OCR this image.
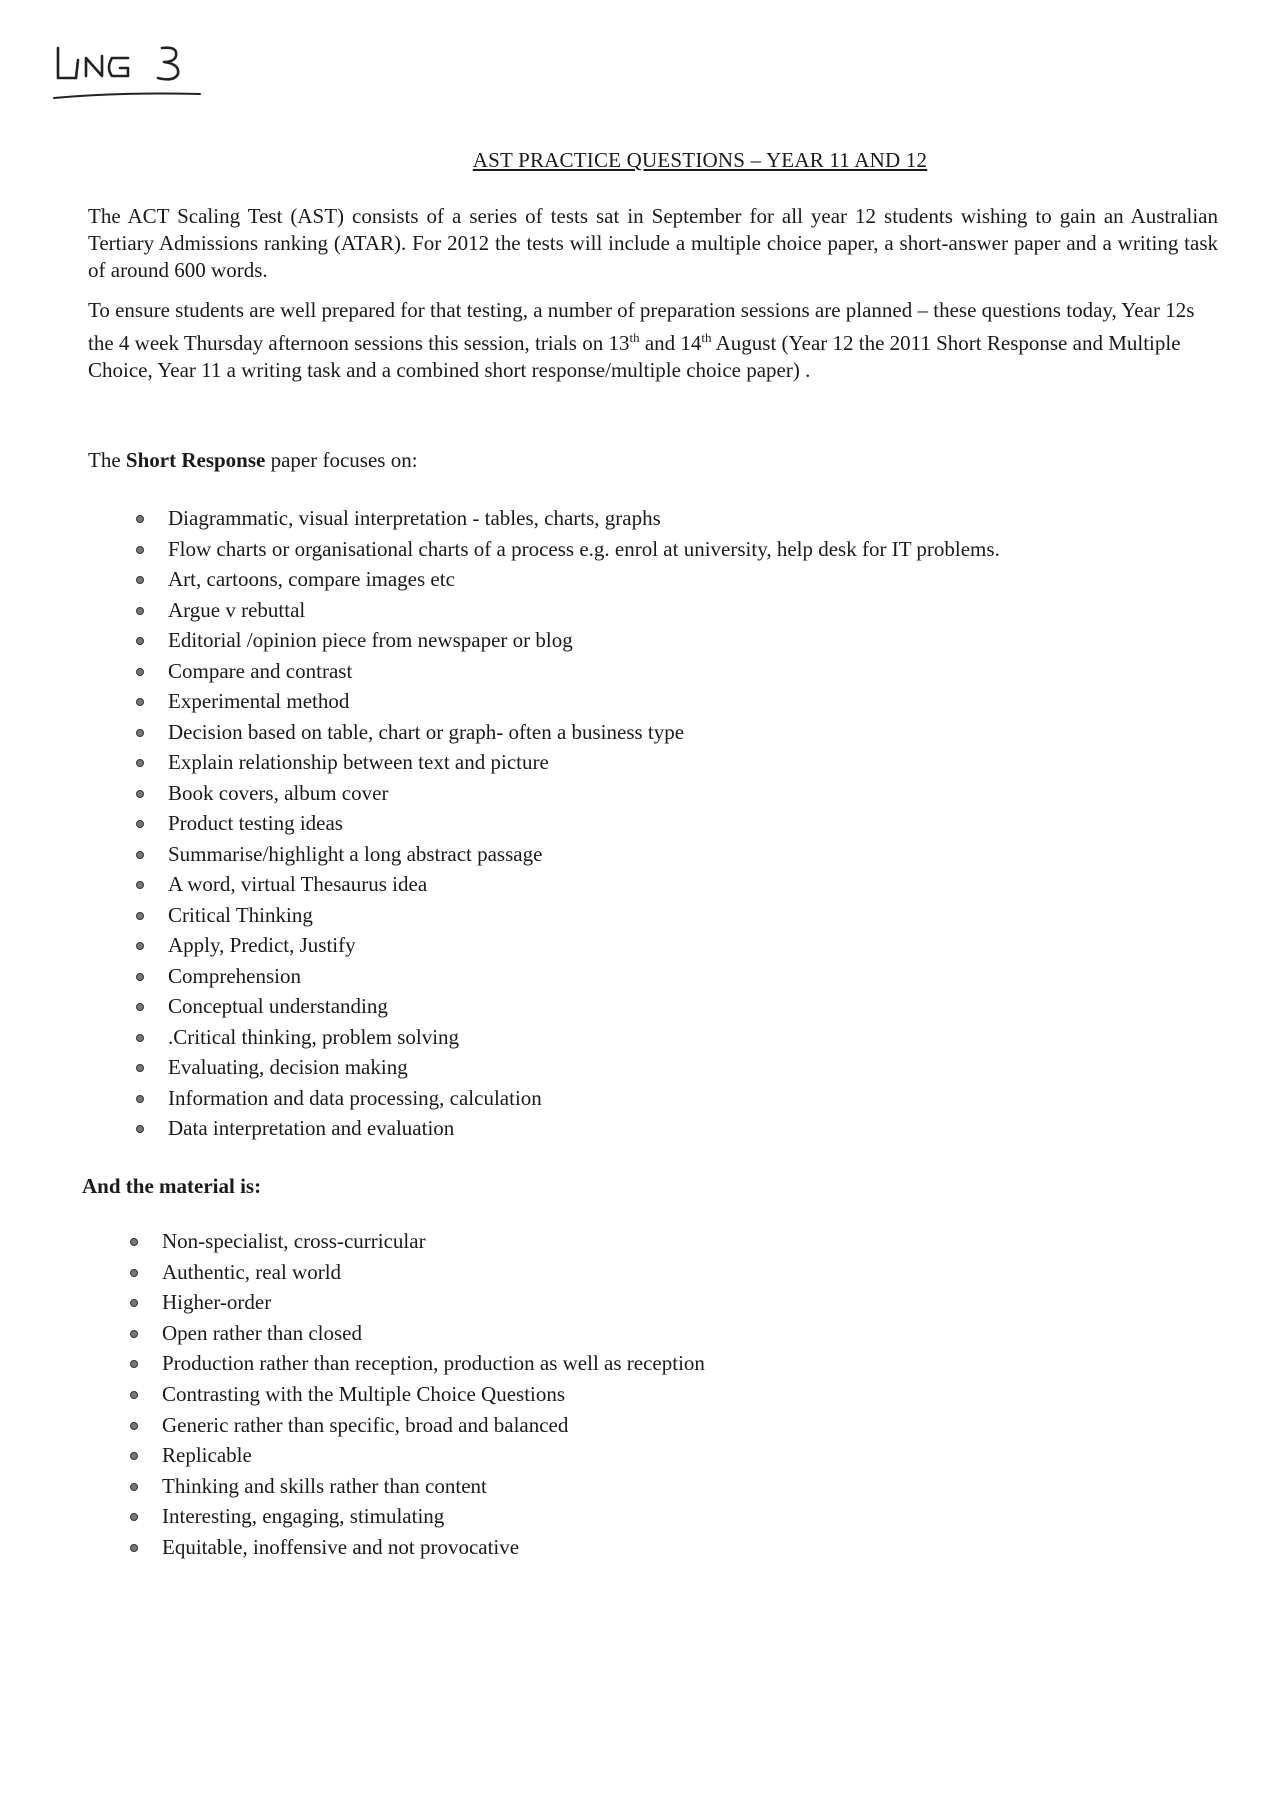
AST PRACTICE QUESTIONS – YEAR 11 AND 12
The ACT Scaling Test (AST) consists of a series of tests sat in September for all year 12 students wishing to gain an Australian Tertiary Admissions ranking (ATAR). For 2012 the tests will include a multiple choice paper, a short-answer paper and a writing task of around 600 words.
To ensure students are well prepared for that testing, a number of preparation sessions are planned – these questions today, Year 12s the 4 week Thursday afternoon sessions this session, trials on 13th and 14th August (Year 12 the 2011 Short Response and Multiple Choice, Year 11 a writing task and a combined short response/multiple choice paper) .
The Short Response paper focuses on:
Diagrammatic, visual interpretation - tables, charts, graphs
Flow charts or organisational charts of a process e.g. enrol at university, help desk for IT problems.
Art, cartoons, compare images etc
Argue v rebuttal
Editorial /opinion piece from newspaper or blog
Compare and contrast
Experimental method
Decision based on table, chart or graph- often a business type
Explain relationship between text and picture
Book covers, album cover
Product testing ideas
Summarise/highlight a long abstract passage
A word, virtual Thesaurus idea
Critical Thinking
Apply, Predict, Justify
Comprehension
Conceptual understanding
.Critical thinking, problem solving
Evaluating, decision making
Information and data processing, calculation
Data interpretation and evaluation
And the material is:
Non-specialist, cross-curricular
Authentic, real world
Higher-order
Open rather than closed
Production rather than reception, production as well as reception
Contrasting with the Multiple Choice Questions
Generic rather than specific, broad and balanced
Replicable
Thinking and skills rather than content
Interesting, engaging, stimulating
Equitable, inoffensive and not provocative
